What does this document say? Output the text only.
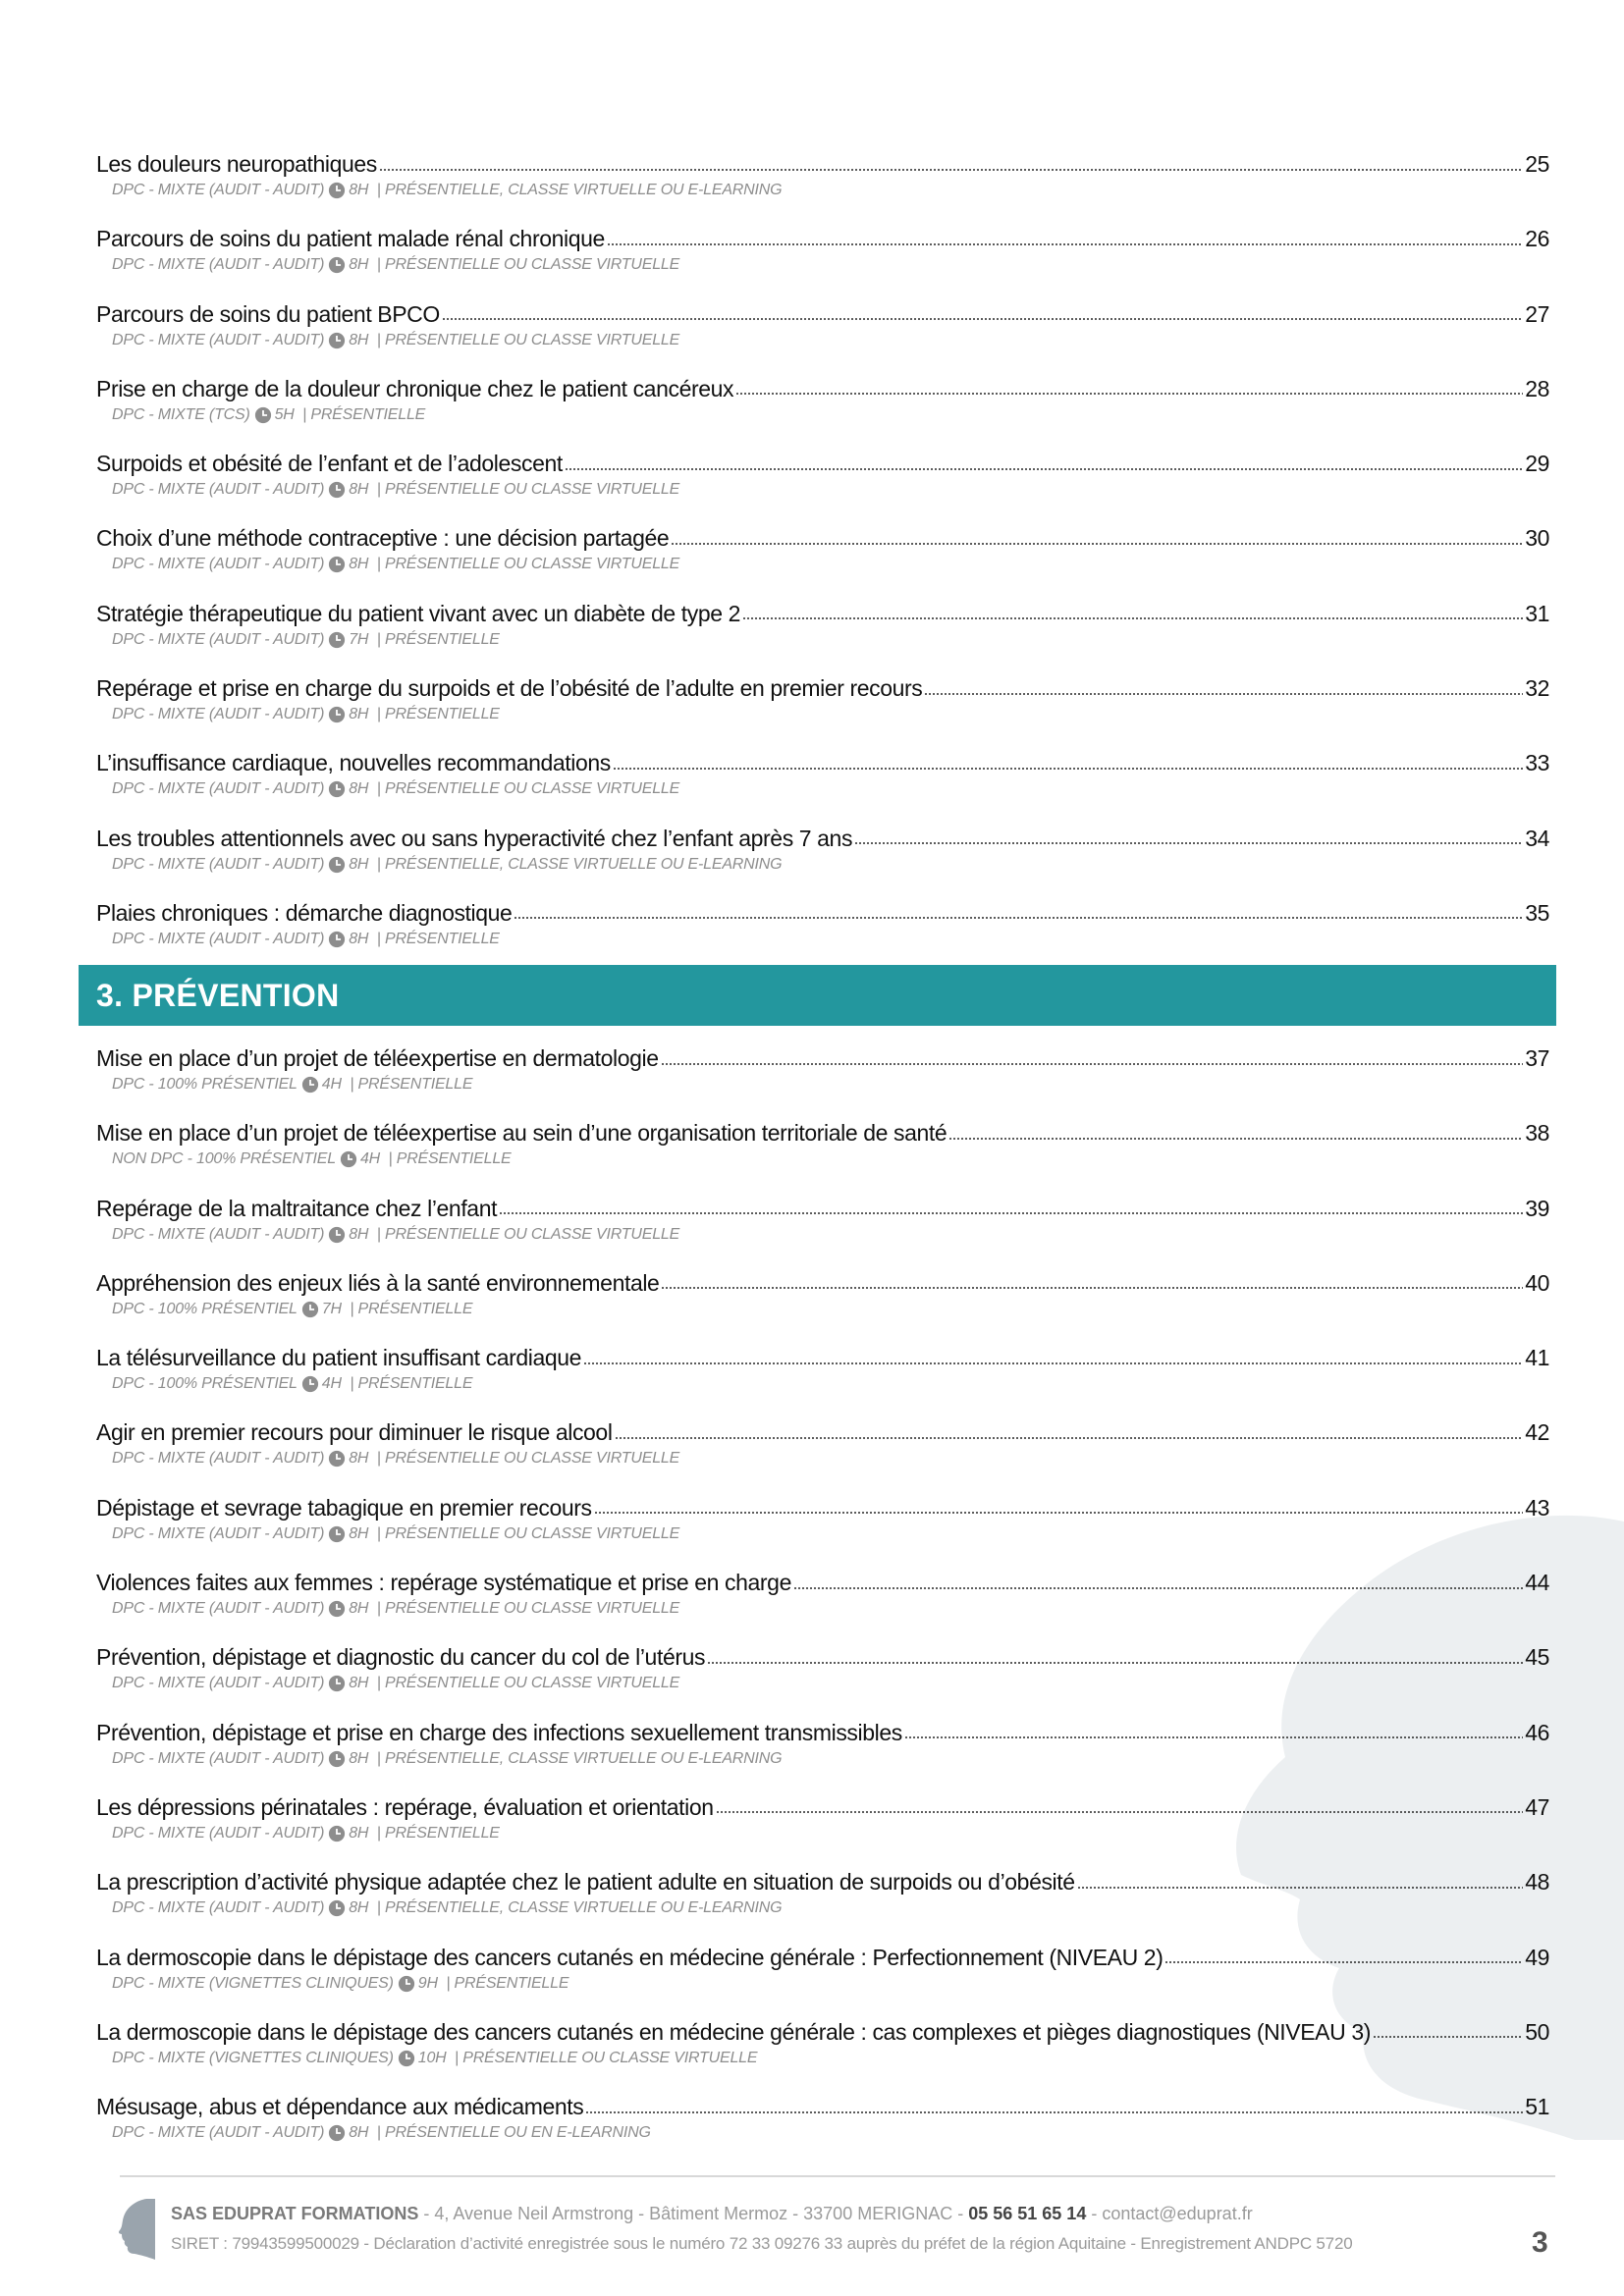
Les douleurs neuropathiques	25
DPC - MIXTE (AUDIT - AUDIT) 8H
| PRÉSENTIELLE, CLASSE VIRTUELLE OU E-LEARNING
Parcours de soins du patient malade rénal chronique	26
DPC - MIXTE (AUDIT - AUDIT) 8H
| PRÉSENTIELLE OU CLASSE VIRTUELLE
Parcours de soins du patient BPCO	27
DPC - MIXTE (AUDIT - AUDIT) 8H
| PRÉSENTIELLE OU CLASSE VIRTUELLE
Prise en charge de la douleur chronique chez le patient cancéreux	28
DPC - MIXTE (TCS) 5H
| PRÉSENTIELLE
Surpoids et obésité de l’enfant et de l’adolescent	29
DPC - MIXTE (AUDIT - AUDIT) 8H
| PRÉSENTIELLE OU CLASSE VIRTUELLE
Choix d’une méthode contraceptive : une décision partagée	30
DPC - MIXTE (AUDIT - AUDIT) 8H
| PRÉSENTIELLE OU CLASSE VIRTUELLE
Stratégie thérapeutique du patient vivant avec un diabète de type 2	31
DPC - MIXTE (AUDIT - AUDIT) 7H
| PRÉSENTIELLE
Repérage et prise en charge du surpoids et de l’obésité de l’adulte en premier recours	32
DPC - MIXTE (AUDIT - AUDIT) 8H
| PRÉSENTIELLE
L’insuffisance cardiaque, nouvelles recommandations	33
DPC - MIXTE (AUDIT - AUDIT) 8H
| PRÉSENTIELLE OU CLASSE VIRTUELLE
Les troubles attentionnels avec ou sans hyperactivité chez l’enfant après 7 ans	34
DPC - MIXTE (AUDIT - AUDIT) 8H
| PRÉSENTIELLE, CLASSE VIRTUELLE OU E-LEARNING
Plaies chroniques : démarche diagnostique	35
DPC - MIXTE (AUDIT - AUDIT) 8H
| PRÉSENTIELLE
3. PRÉVENTION
Mise en place d’un projet de téléexpertise en dermatologie	37
DPC - 100% PRÉSENTIEL 4H
| PRÉSENTIELLE
Mise en place d’un projet de téléexpertise au sein d’une organisation territoriale de santé	38
NON DPC - 100% PRÉSENTIEL 4H
| PRÉSENTIELLE
Repérage de la maltraitance chez l’enfant	39
DPC - MIXTE (AUDIT - AUDIT) 8H
| PRÉSENTIELLE OU CLASSE VIRTUELLE
Appréhension des enjeux liés à la santé environnementale	40
DPC - 100% PRÉSENTIEL 7H
| PRÉSENTIELLE
La télésurveillance du patient insuffisant cardiaque	41
DPC - 100% PRÉSENTIEL 4H
| PRÉSENTIELLE
Agir en premier recours pour diminuer le risque alcool	42
DPC - MIXTE (AUDIT - AUDIT) 8H
| PRÉSENTIELLE OU CLASSE VIRTUELLE
Dépistage et sevrage tabagique en premier recours	43
DPC - MIXTE (AUDIT - AUDIT) 8H
| PRÉSENTIELLE OU CLASSE VIRTUELLE
Violences faites aux femmes : repérage systématique et prise en charge	44
DPC - MIXTE (AUDIT - AUDIT) 8H
| PRÉSENTIELLE OU CLASSE VIRTUELLE
Prévention, dépistage et diagnostic du cancer du col de l’utérus	45
DPC - MIXTE (AUDIT - AUDIT) 8H
| PRÉSENTIELLE OU CLASSE VIRTUELLE
Prévention, dépistage et prise en charge des infections sexuellement transmissibles	46
DPC - MIXTE (AUDIT - AUDIT) 8H
| PRÉSENTIELLE, CLASSE VIRTUELLE OU E-LEARNING
Les dépressions périnatales : repérage, évaluation et orientation	47
DPC - MIXTE (AUDIT - AUDIT) 8H
| PRÉSENTIELLE
La prescription d’activité physique adaptée chez le patient adulte en situation de surpoids ou d’obésité	48
DPC - MIXTE (AUDIT - AUDIT) 8H
| PRÉSENTIELLE, CLASSE VIRTUELLE OU E-LEARNING
La dermoscopie dans le dépistage des cancers cutanés en médecine générale : Perfectionnement (NIVEAU 2)	49
DPC - MIXTE (VIGNETTES CLINIQUES) 9H
| PRÉSENTIELLE
La dermoscopie dans le dépistage des cancers cutanés en médecine générale : cas complexes et pièges diagnostiques (NIVEAU 3)	50
DPC - MIXTE (VIGNETTES CLINIQUES) 10H
| PRÉSENTIELLE OU CLASSE VIRTUELLE
Mésusage, abus et dépendance aux médicaments	51
DPC - MIXTE (AUDIT - AUDIT) 8H
| PRÉSENTIELLE OU EN E-LEARNING
SAS EDUPRAT FORMATIONS - 4, Avenue Neil Armstrong - Bâtiment Mermoz - 33700 MERIGNAC - 05 56 51 65 14 - contact@eduprat.fr
SIRET : 79943599500029 - Déclaration d’activité enregistrée sous le numéro 72 33 09276 33 auprès du préfet de la région Aquitaine - Enregistrement ANDPC 5720	3
